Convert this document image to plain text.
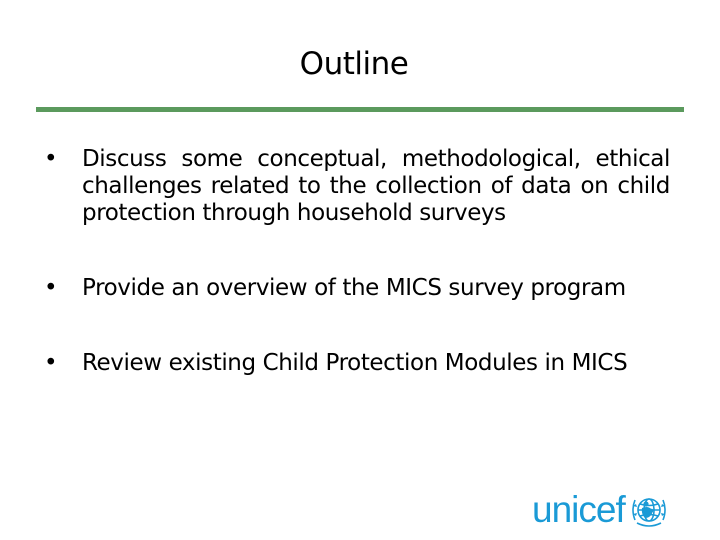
Outline
• Discuss some conceptual, methodological, ethical challenges related to the collection of data on child protection through household surveys
• Provide an overview of the MICS survey program
• Review existing Child Protection Modules in MICS
unicef
